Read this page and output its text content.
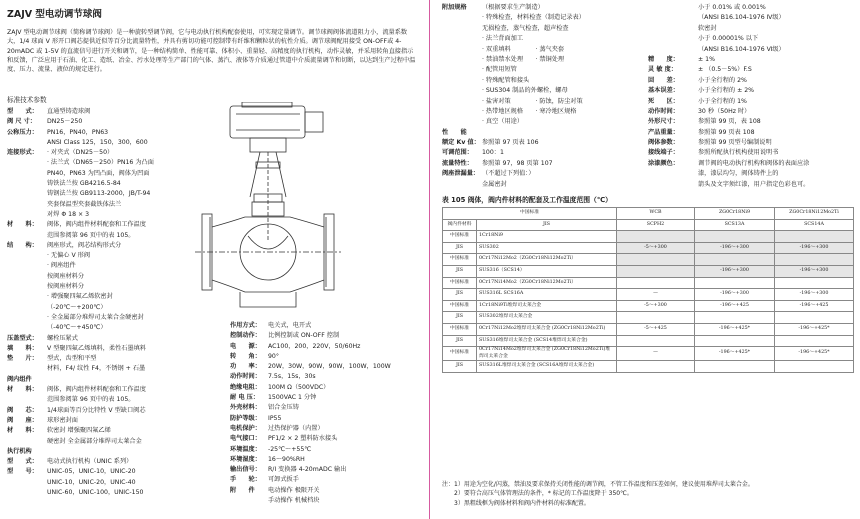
ZAJV 型电动调节球阀
ZAJV 型电动调节球阀（简称调节球阀）是一种旋转型调节阀，它与电动执行机构配套使用，可实现定量调节。调节球阀阀体流道阻力小，流量系数大，1/4 球面 V 形开口阀芯提供近似等百分比流量特性，并具有剪切功能可控制带有纤维和颗粒状的杭性介质。调节球阀配用接受 ON-OFF或 4-20mADC 或 1-5V 的直流信号进行开关和调节，是一种结构简单、性能可靠、体积小、重量轻、高精度的执行机构，动作灵敏，并采用转角直接指示和反馈，广泛应用于石油、化工、造纸、冶金、污水处理等生产部门的气体、蒸汽、液体等介质通过管道中介质流量调节和切断，以达到生产过程中温度、压力、流量、液位的规定进行。
标准技术参数
型　　式： 直通型铸造球阀
阀 尺 寸： DN25－250
公称压力： PN16，PN40，PN63
ANSI Class 125，150，300，600
连接形式： · 对夹式（DN25－50）
· 法兰式（DN65－250）PN16 为凸面
PN40，PN63 为凹凸面，阀体为凹面
铸铁法兰按 GB4216.5-84
铸钢法兰按 GB9113-2000，JB/T-94
夹套保温型夹套截铁体法兰
对焊 Φ 18 × 3
材　　料： 阀体，阀内组件材料配套和工作温度
范围参阅第 96 页中的表 105。
结　　构： 阀座形式，阀芯结构形式分
· 无偏心 V 形阀
· 阀座组件
按阀座材料分
按阀座材料分
· 增强聚四氟乙烯软密封
（-20℃～+200℃）
· 全金属部分堆焊司太莱合金硬密封
（-40℃～+450℃）
压盖型式： 螺栓压紧式
填　　料： V 型聚四氟乙烯填料，柔性石墨填料
垫　　片： 型式，齿型和平型
材料，F4/ 纹性 F4，不锈钢 + 石墨
阀内组件
材　　料： 阀体，阀内组件材料配套和工作温度
范围参阅第 96 页中的表 105。
阀　　芯： 1/4球面等百分比特性 V 型缺口阀芯
阀　　座： 球形密封面
材　　料： 软密封 增强聚四氟乙烯
硬密封 全金属部分堆焊司太莱合金
执行机构
型　　式： 电动式执行机构（UNIC 系列）
型　　号： UNIC-05，UNIC-10，UNIC-20
UNIC-10，UNIC-20，UNIC-40
UNIC-60，UNIC-100，UNIC-150
作用方式： 电关式，电开式
控制动作： 比例控制或 ON-OFF 控制
电　　源： AC100，200，220V，50/60Hz
转　　角： 90°
功　　率： 20W，30W，90W，90W，100W，100W
动作时间： 7.5s，15s，30s
绝缘电阻： 100M Ω（500VDC）
耐 电 压： 1500VAC 1 分钟
外壳材料： 铝合金压铸
防护等级： IP55
电机保护： 过热保护器（内置）
电气接口： PF1/2 × 2 塑料防水接头
环境温度： -25℃～+55℃
环境湿度： 16～90%RH
输出信号： R/I 变换器 4-20mADC 输出
手　　轮： 可卸式扳手
附　　件 电动操作 极限开关
手动操作 机械档块
附加规格 （根据要求生产制造）
· 特殊检查，材料检查（制造记录表）
无损检查，蒸气检查，超声检查
· 法兰背面加工
· 双重填料　　　　· 蒸气夹套
· 禁油禁水处理　　· 禁铜处理
· 配管用短管
· 特殊配管和接头
· SUS304 制品的外螺栓，螺母
· 盐害对策　　　　· 防蚀，防尘对策
· 热带地区规格　　· 寒冷地区规格
· 真空（用途）
性　　能
额定 Kv 值： 参照第 97 页表 106
可调范围： 100：1
流量特性： 参照第 97，98 页第 107
阀座泄漏量： （不超过下列值：）
金属密封
小于 0.01% 或 0.001%
（ANSI B16.104-1976 Ⅳ级）
软密封
小于 0.00001% 以下
（ANSI B16.104-1976 Ⅵ级）
精　　度：	± 1%
灵 敏 度：	± （0.5－5%）F.S
回　　差：	小于全行程的 2%
基本误差：	小于全行程的 ± 2%
死　　区：	小于全行程的 1%
动作时间：	30 秒（50Hz 时）
外形尺寸：	参照第 99 页，表 108
产品重量：	参照第 99 页表 108
阀体参数：	参照第 99 页型号编制说明
接线端子：	参照所配执行机构使用说明书
涂漆颜色：	调节阀的电动执行机构和阀体的表面应涂
漆，漆层均匀，阀体铸件上的
箭头及文字须红漆，用户指定色彩也可。
表 105 阀体，阀内件材料的配套及工作温度范围（℃）
中国标准		WCB	ZG0Cr18Ni9	ZG0Cr18Ni12Mo2Ti
阀内件材料	JIS	SCPH2	SCS13A	SCS14A
中国标准	1Cr18Ni9			
JIS	SUS302	-5～+300	-196～+300	-196～+300
中国标准	0Cr17Ni12Mo2（ZG0Cr18Ni12Mo2Ti）			
JIS	SUS316（SCS14）		-196～+300	-196～+300
中国标准	0Cr17Ni14Mo2（ZG0Cr18Ni12Mo2Ti）			
JIS	SUS316L SCS16A	—	-196～+300	-196～+300
中国标准	1Cr18Ni9Ti堆焊司太莱合金	-5～+300	-196～+425	-196～+425
JIS	SUS302堆焊司太莱合金			
中国标准	0Cr17Ni12Mo2堆焊司太莱合金 (ZG0Cr18Ni12Mo2Ti)	-5～+425	-196～+425*	-196～+425*
JIS	SUS316堆焊司太莱合金 (SCS14堆焊司太莱合金)			
中国标准	0Cr17Ni14Mo2堆焊司太莱合金 (ZG0Cr18Ni12Mo2Ti)堆焊司太莱合金	—	-196～+425*	-196～+425*
JIS	SUS316L堆焊司太莱合金 (SCS16A堆焊司太莱合金)			
注：1）用途为空化/闪蒸，禁油及要求保持关闭性能的调节阀，不管工作温度和压差如何，建议使用堆焊司太莱合金。
　　2）要符合高压气体管理法的条件，* 标记的工作温度降于 350℃。
　　3）黑粗线框为阀体材料和阀内件材料的标准配置。
